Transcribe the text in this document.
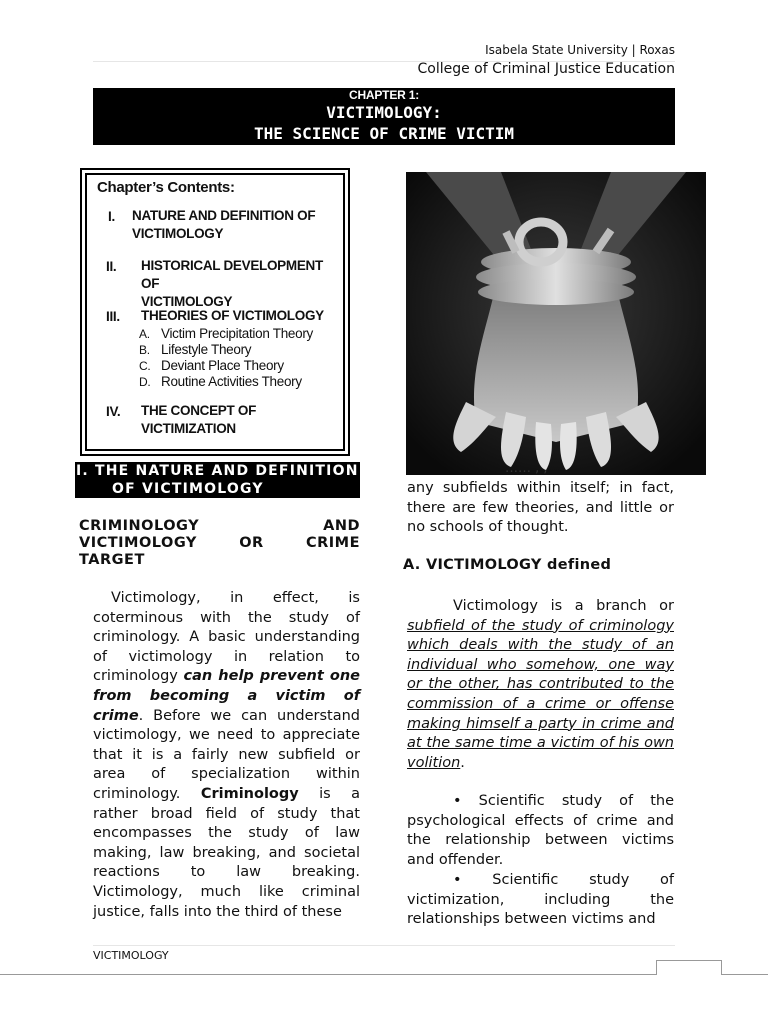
Isabela State University | Roxas
College of Criminal Justice Education
CHAPTER 1:
VICTIMOLOGY:
THE SCIENCE OF CRIME VICTIM
Chapter’s Contents:
I. NATURE AND DEFINITION OF
VICTIMOLOGY
II. HISTORICAL DEVELOPMENT OF
VICTIMOLOGY
III. THEORIES OF VICTIMOLOGY
A. Victim Precipitation Theory
B. Lifestyle Theory
C. Deviant Place Theory
D. Routine Activities Theory
IV. THE CONCEPT OF
VICTIMIZATION
I. THE NATURE AND DEFINITION
OF VICTIMOLOGY
CRIMINOLOGY	AND
VICTIMOLOGY	OR	CRIME
TARGET
Victimology, in effect, is coterminous with the study of criminology. A basic understanding of victimology in relation to criminology can help prevent one from becoming a victim of crime. Before we can understand victimology, we need to appreciate that it is a fairly new subfield or area of specialization within criminology. Criminology is a rather broad field of study that encompasses the study of law making, law breaking, and societal reactions to law breaking. Victimology, much like criminal justice, falls into the third of these
…… , ,
any subfields within itself; in fact, there are few theories, and little or no schools of thought.
A. VICTIMOLOGY defined
Victimology is a branch or subfield of the study of criminology which deals with the study of an individual who somehow, one way or the other, has contributed to the commission of a crime or offense making himself a party in crime and at the same time a victim of his own volition.
• Scientific study of the psychological effects of crime and the relationship between victims and offender.
• Scientific study of victimization, including the relationships between victims and
VICTIMOLOGY
